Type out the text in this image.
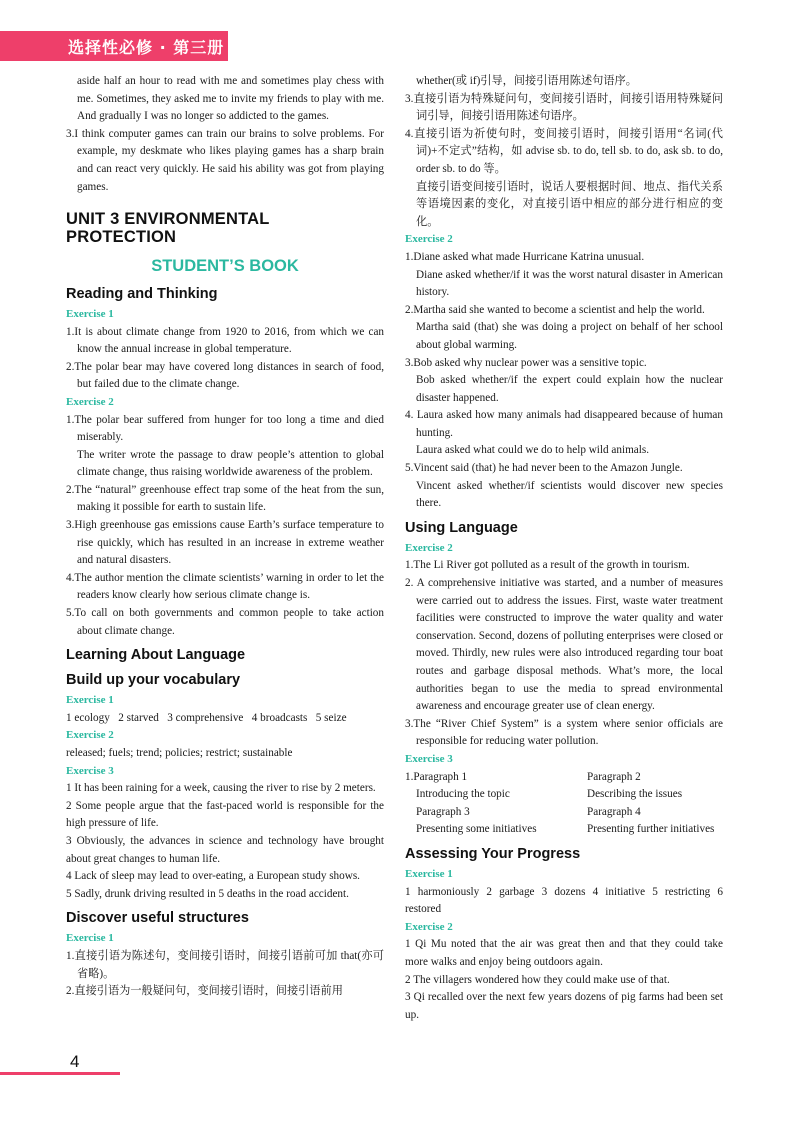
选择性必修 · 第三册

aside half an hour to read with me and sometimes play chess with me. Sometimes, they asked me to invite my friends to play with me. And gradually I was no longer so addicted to the games.

3.I think computer games can train our brains to solve problems. For example, my deskmate who likes playing games has a sharp brain and can react very quickly. He said his ability was got from playing games.

UNIT 3 ENVIRONMENTAL PROTECTION
STUDENT’S BOOK
Reading and Thinking
Exercise 1

1.It is about climate change from 1920 to 2016, from which we can know the annual increase in global temperature.

2.The polar bear may have covered long distances in search of food, but failed due to the climate change.

Exercise 2

1.The polar bear suffered from hunger for too long a time and died miserably.

The writer wrote the passage to draw people’s attention to global climate change, thus raising worldwide awareness of the problem.

2.The “natural” greenhouse effect trap some of the heat from the sun, making it possible for earth to sustain life.

3.High greenhouse gas emissions cause Earth’s surface temperature to rise quickly, which has resulted in an increase in extreme weather and natural disasters.

4.The author mention the climate scientists’ warning in order to let the readers know clearly how serious climate change is.

5.To call on both governments and common people to take action about climate change.

Learning About Language
Build up your vocabulary
Exercise 1

1 ecology   2 starved   3 comprehensive   4 broadcasts   5 seize

Exercise 2

released; fuels; trend; policies; restrict; sustainable

Exercise 3

1 It has been raining for a week, causing the river to rise by 2 meters.

2 Some people argue that the fast-paced world is responsible for the high pressure of life.

3 Obviously, the advances in science and technology have brought about great changes to human life.

4 Lack of sleep may lead to over-eating, a European study shows.

5 Sadly, drunk driving resulted in 5 deaths in the road accident.

Discover useful structures
Exercise 1

1.直接引语为陈述句，变间接引语时，间接引语前可加 that(亦可省略)。

2.直接引语为一般疑问句，变间接引语时，间接引语前用

whether(或 if)引导，间接引语用陈述句语序。

3.直接引语为特殊疑问句，变间接引语时，间接引语用特殊疑问词引导，间接引语用陈述句语序。

4.直接引语为祈使句时，变间接引语时，间接引语用“名词(代词)+不定式”结构，如 advise sb. to do, tell sb. to do, ask sb. to do, order sb. to do 等。

直接引语变间接引语时，说话人要根据时间、地点、指代关系等语境因素的变化，对直接引语中相应的部分进行相应的变化。

Exercise 2

1.Diane asked what made Hurricane Katrina unusual.

Diane asked whether/if it was the worst natural disaster in American history.

2.Martha said she wanted to become a scientist and help the world.

Martha said (that) she was doing a project on behalf of her school about global warming.

3.Bob asked why nuclear power was a sensitive topic.

Bob asked whether/if the expert could explain how the nuclear disaster happened.

4. Laura asked how many animals had disappeared because of human hunting.

Laura asked what could we do to help wild animals.

5.Vincent said (that) he had never been to the Amazon Jungle.

Vincent asked whether/if scientists would discover new species there.

Using Language
Exercise 2

1.The Li River got polluted as a result of the growth in tourism.

2. A comprehensive initiative was started, and a number of measures were carried out to address the issues. First, waste water treatment facilities were constructed to improve the water quality and water conservation. Second, dozens of polluting enterprises were closed or moved. Thirdly, new rules were also introduced regarding tour boat routes and garbage disposal methods. What’s more, the local authorities began to use the media to spread environmental awareness and encourage greater use of clean energy.

3.The “River Chief System” is a system where senior officials are responsible for reducing water pollution.

Exercise 3
1.Paragraph 1	Paragraph 2
Introducing the topic	Describing the issues
Paragraph 3	Paragraph 4
Presenting some initiatives	Presenting further initiatives
Assessing Your Progress
Exercise 1

1 harmoniously 2 garbage 3 dozens 4 initiative 5 restricting 6 restored

Exercise 2

1 Qi Mu noted that the air was great then and that they could take more walks and enjoy being outdoors again.

2 The villagers wondered how they could make use of that.

3 Qi recalled over the next few years dozens of pig farms had been set up.

4
